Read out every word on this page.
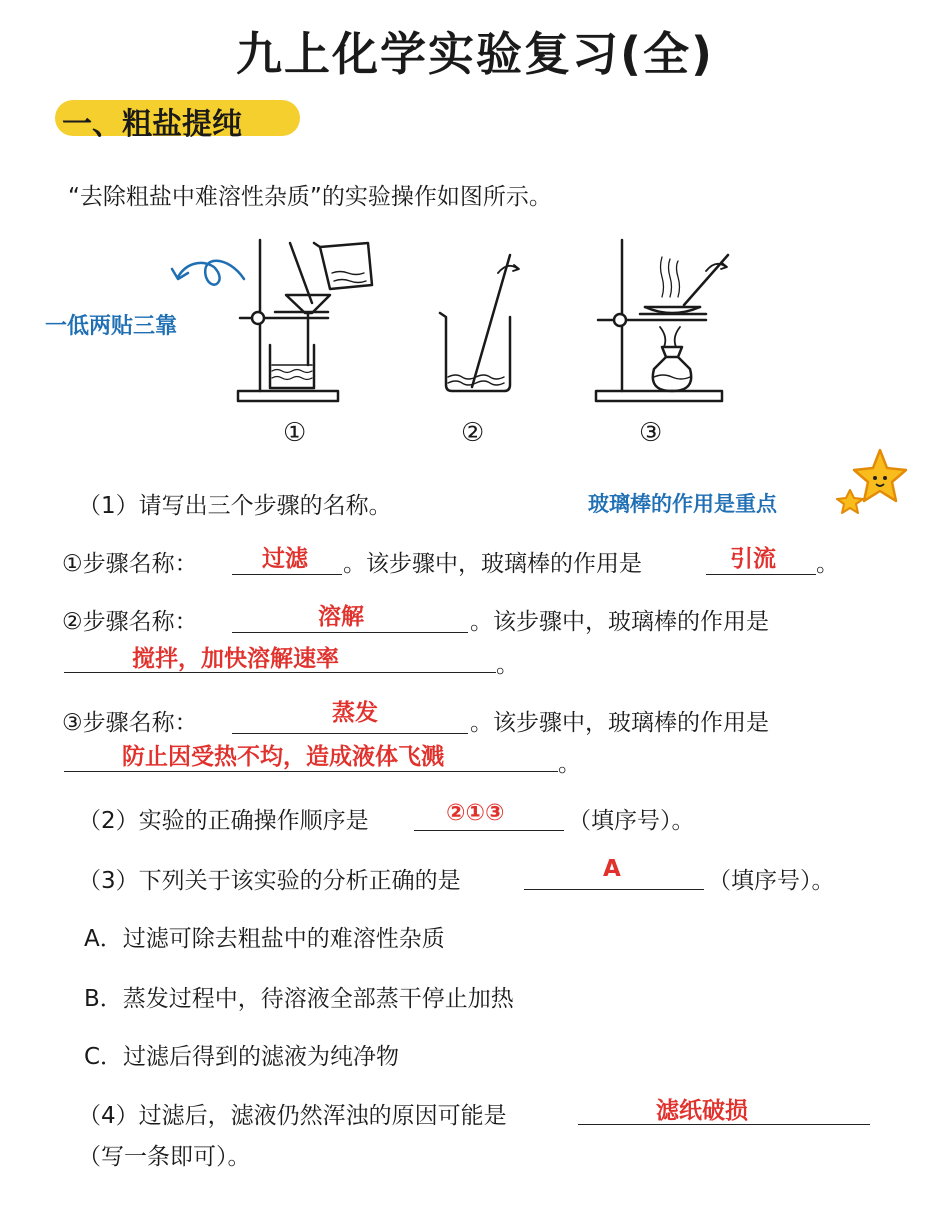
九上化学实验复习(全)
一、粗盐提纯
“去除粗盐中难溶性杂质”的实验操作如图所示。
一低两贴三靠
①	②	③
（1）请写出三个步骤的名称。	玻璃棒的作用是重点
①步骤名称：	过滤 。该步骤中，玻璃棒的作用是	引流 。
②步骤名称：	溶解	。该步骤中，玻璃棒的作用是
搅拌，加快溶解速率	。
③步骤名称：	蒸发	。该步骤中，玻璃棒的作用是
防止因受热不均，造成液体飞溅	。
（2）实验的正确操作顺序是	②①③	（填序号）。
（3）下列关于该实验的分析正确的是	A	（填序号）。
A．过滤可除去粗盐中的难溶性杂质
B．蒸发过程中，待溶液全部蒸干停止加热
C．过滤后得到的滤液为纯净物
（4）过滤后，滤液仍然浑浊的原因可能是	滤纸破损
（写一条即可）。
